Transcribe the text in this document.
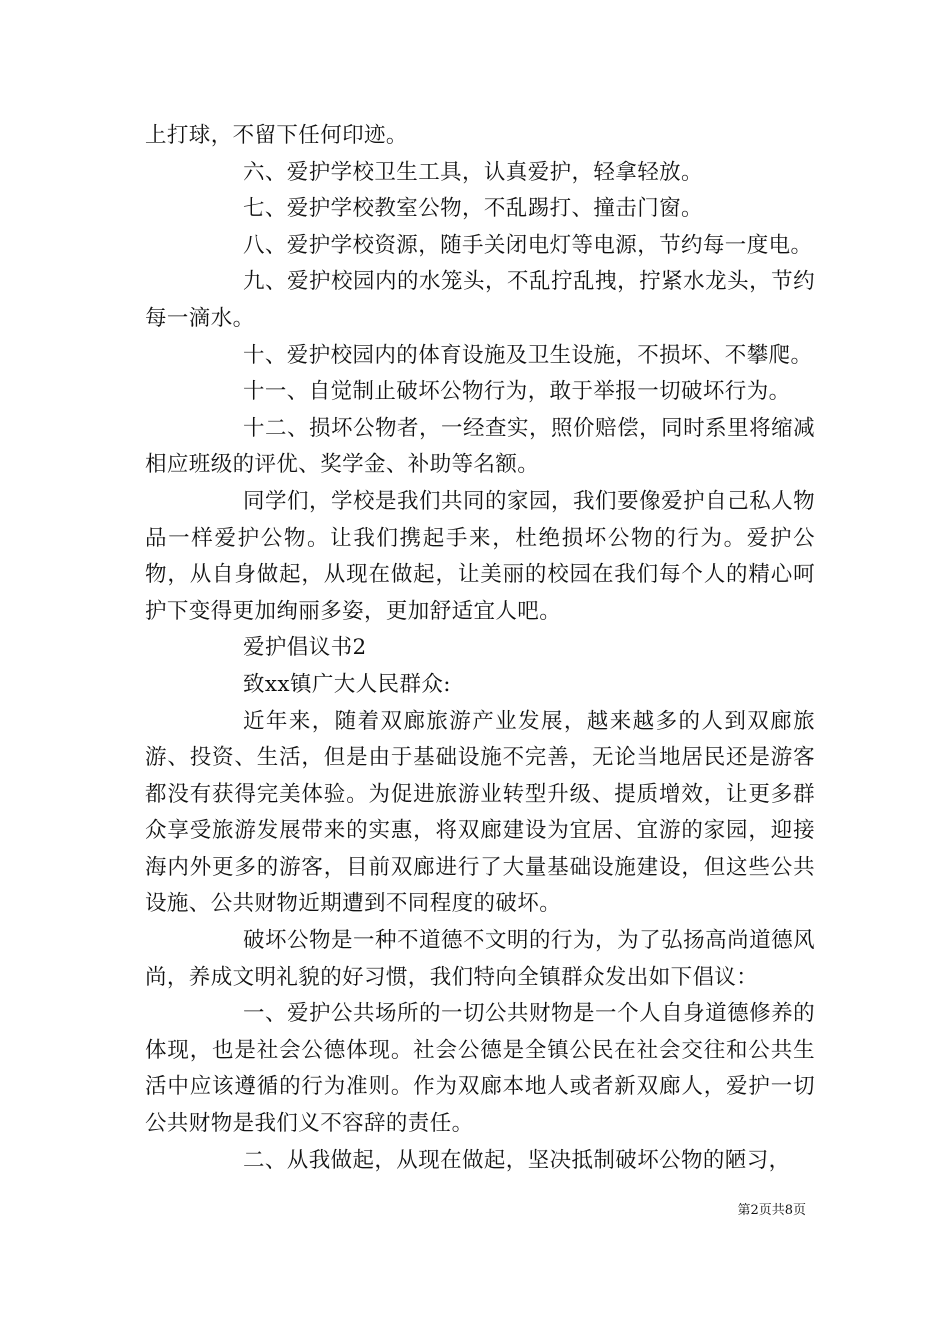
上打球，不留下任何印迹。

六、爱护学校卫生工具，认真爱护，轻拿轻放。

七、爱护学校教室公物，不乱踢打、撞击门窗。

八、爱护学校资源，随手关闭电灯等电源，节约每一度电。

九、爱护校园内的水笼头，不乱拧乱拽，拧紧水龙头，节约每一滴水。

十、爱护校园内的体育设施及卫生设施，不损坏、不攀爬。

十一、自觉制止破坏公物行为，敢于举报一切破坏行为。

十二、损坏公物者，一经查实，照价赔偿，同时系里将缩减相应班级的评优、奖学金、补助等名额。

同学们，学校是我们共同的家园，我们要像爱护自己私人物品一样爱护公物。让我们携起手来，杜绝损坏公物的行为。爱护公物，从自身做起，从现在做起，让美丽的校园在我们每个人的精心呵护下变得更加绚丽多姿，更加舒适宜人吧。

爱护倡议书2

致xx镇广大人民群众:

近年来，随着双廊旅游产业发展，越来越多的人到双廊旅游、投资、生活，但是由于基础设施不完善，无论当地居民还是游客都没有获得完美体验。为促进旅游业转型升级、提质增效，让更多群众享受旅游发展带来的实惠，将双廊建设为宜居、宜游的家园，迎接海内外更多的游客，目前双廊进行了大量基础设施建设，但这些公共设施、公共财物近期遭到不同程度的破坏。

破坏公物是一种不道德不文明的行为，为了弘扬高尚道德风尚，养成文明礼貌的好习惯，我们特向全镇群众发出如下倡议：

一、爱护公共场所的一切公共财物是一个人自身道德修养的体现，也是社会公德体现。社会公德是全镇公民在社会交往和公共生活中应该遵循的行为准则。作为双廊本地人或者新双廊人，爱护一切公共财物是我们义不容辞的责任。

二、从我做起，从现在做起，坚决抵制破坏公物的陋习，

第2页共8页
